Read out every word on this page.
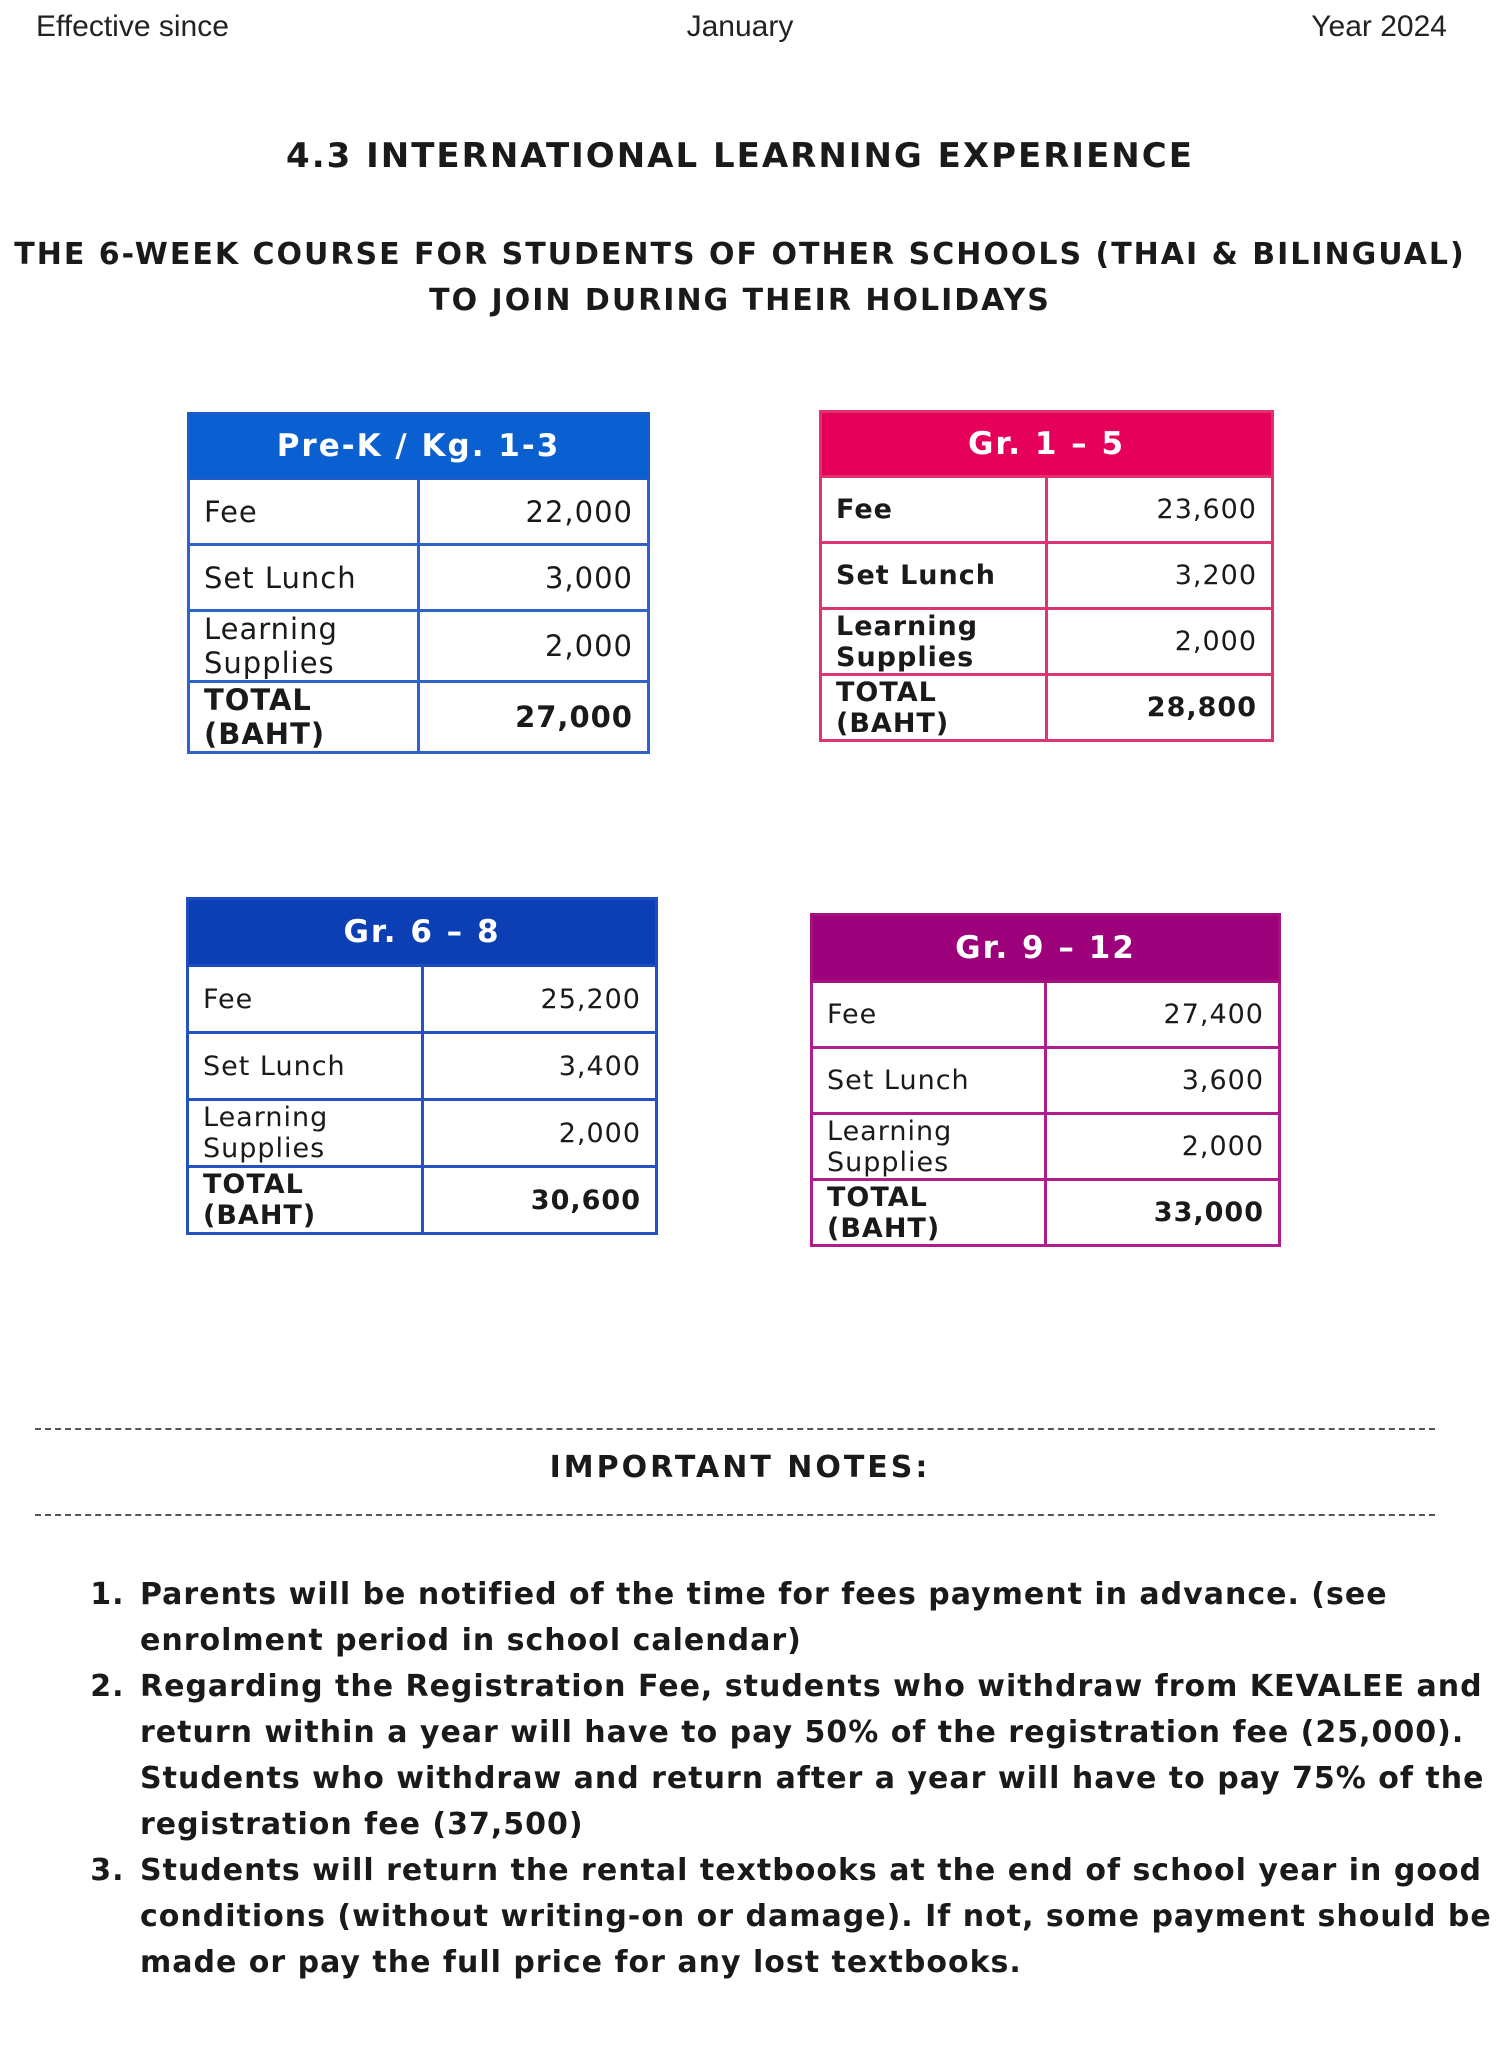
Effective since	January	Year 2024
4.3 INTERNATIONAL LEARNING EXPERIENCE
THE 6-WEEK COURSE FOR STUDENTS OF OTHER SCHOOLS (THAI & BILINGUAL)
TO JOIN DURING THEIR HOLIDAYS
Pre-K / Kg. 1-3	
Fee	22,000
Set Lunch	3,000
Learning Supplies	2,000
TOTAL (BAHT)	27,000
Gr. 1 – 5	
Fee	23,600
Set Lunch	3,200
Learning Supplies	2,000
TOTAL (BAHT)	28,800
Gr. 6 – 8	
Fee	25,200
Set Lunch	3,400
Learning Supplies	2,000
TOTAL (BAHT)	30,600
Gr. 9 – 12	
Fee	27,400
Set Lunch	3,600
Learning Supplies	2,000
TOTAL (BAHT)	33,000
IMPORTANT NOTES:
1. Parents will be notified of the time for fees payment in advance. (see enrolment period in school calendar)
2. Regarding the Registration Fee, students who withdraw from KEVALEE and return within a year will have to pay 50% of the registration fee (25,000). Students who withdraw and return after a year will have to pay 75% of the registration fee (37,500)
3. Students will return the rental textbooks at the end of school year in good conditions (without writing-on or damage). If not, some payment should be made or pay the full price for any lost textbooks.
